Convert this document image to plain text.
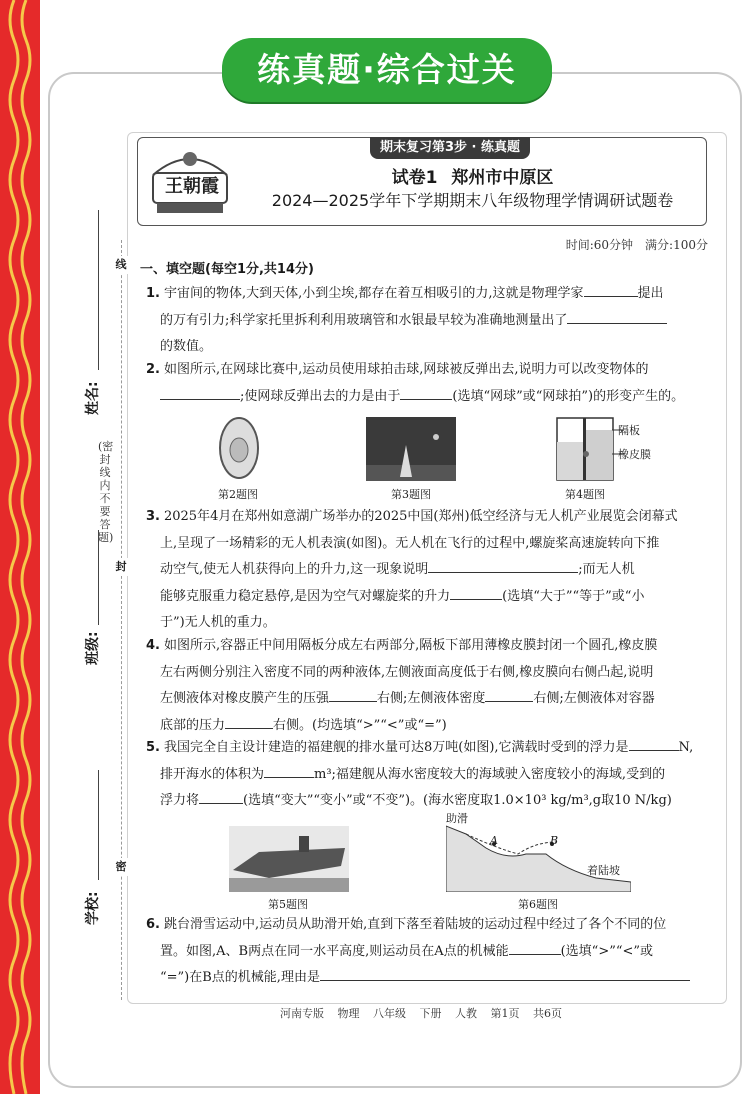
练真题·综合过关
期末复习第3步 · 练真题
王朝霞	试卷1 郑州市中原区
2024—2025学年下学期期末八年级物理学情调研试题卷
时间:60分钟 满分:100分
线
封
密
姓名:
班级:
学校:
(密封线内不要答题)
一、填空题(每空1分,共14分)
1. 宇宙间的物体,大到天体,小到尘埃,都存在着互相吸引的力,这就是物理学家	提出
的万有引力;科学家托里拆利利用玻璃管和水银最早较为准确地测量出了
的数值。
2. 如图所示,在网球比赛中,运动员使用球拍击球,网球被反弹出去,说明力可以改变物体的
;使网球反弹出去的力是由于	(选填“网球”或“网球拍”)的形变产生的。
第2题图	第3题图
隔板
橡皮膜
第4题图
3. 2025年4月在郑州如意湖广场举办的2025中国(郑州)低空经济与无人机产业展览会闭幕式
上,呈现了一场精彩的无人机表演(如图)。无人机在飞行的过程中,螺旋桨高速旋转向下推
动空气,使无人机获得向上的升力,这一现象说明	;而无人机
能够克服重力稳定悬停,是因为空气对螺旋桨的升力	(选填“大于”“等于”或“小
于”)无人机的重力。
4. 如图所示,容器正中间用隔板分成左右两部分,隔板下部用薄橡皮膜封闭一个圆孔,橡皮膜
左右两侧分别注入密度不同的两种液体,左侧液面高度低于右侧,橡皮膜向右侧凸起,说明
左侧液体对橡皮膜产生的压强	右侧;左侧液体密度	右侧;左侧液体对容器
底部的压力	右侧。(均选填“>”“<”或“=”)
5. 我国完全自主设计建造的福建舰的排水量可达8万吨(如图),它满载时受到的浮力是	N,
排开海水的体积为	m³;福建舰从海水密度较大的海域驶入密度较小的海域,受到的
浮力将	(选填“变大”“变小”或“不变”)。(海水密度取1.0×10³ kg/m³,g取10 N/kg)
第5题图
助滑
A	B
着陆坡
第6题图
6. 跳台滑雪运动中,运动员从助滑开始,直到下落至着陆坡的运动过程中经过了各个不同的位
置。如图,A、B两点在同一水平高度,则运动员在A点的机械能	(选填“>”“<”或
“=”)在B点的机械能,理由是
河南专版 物理 八年级 下册 人教 第1页 共6页
